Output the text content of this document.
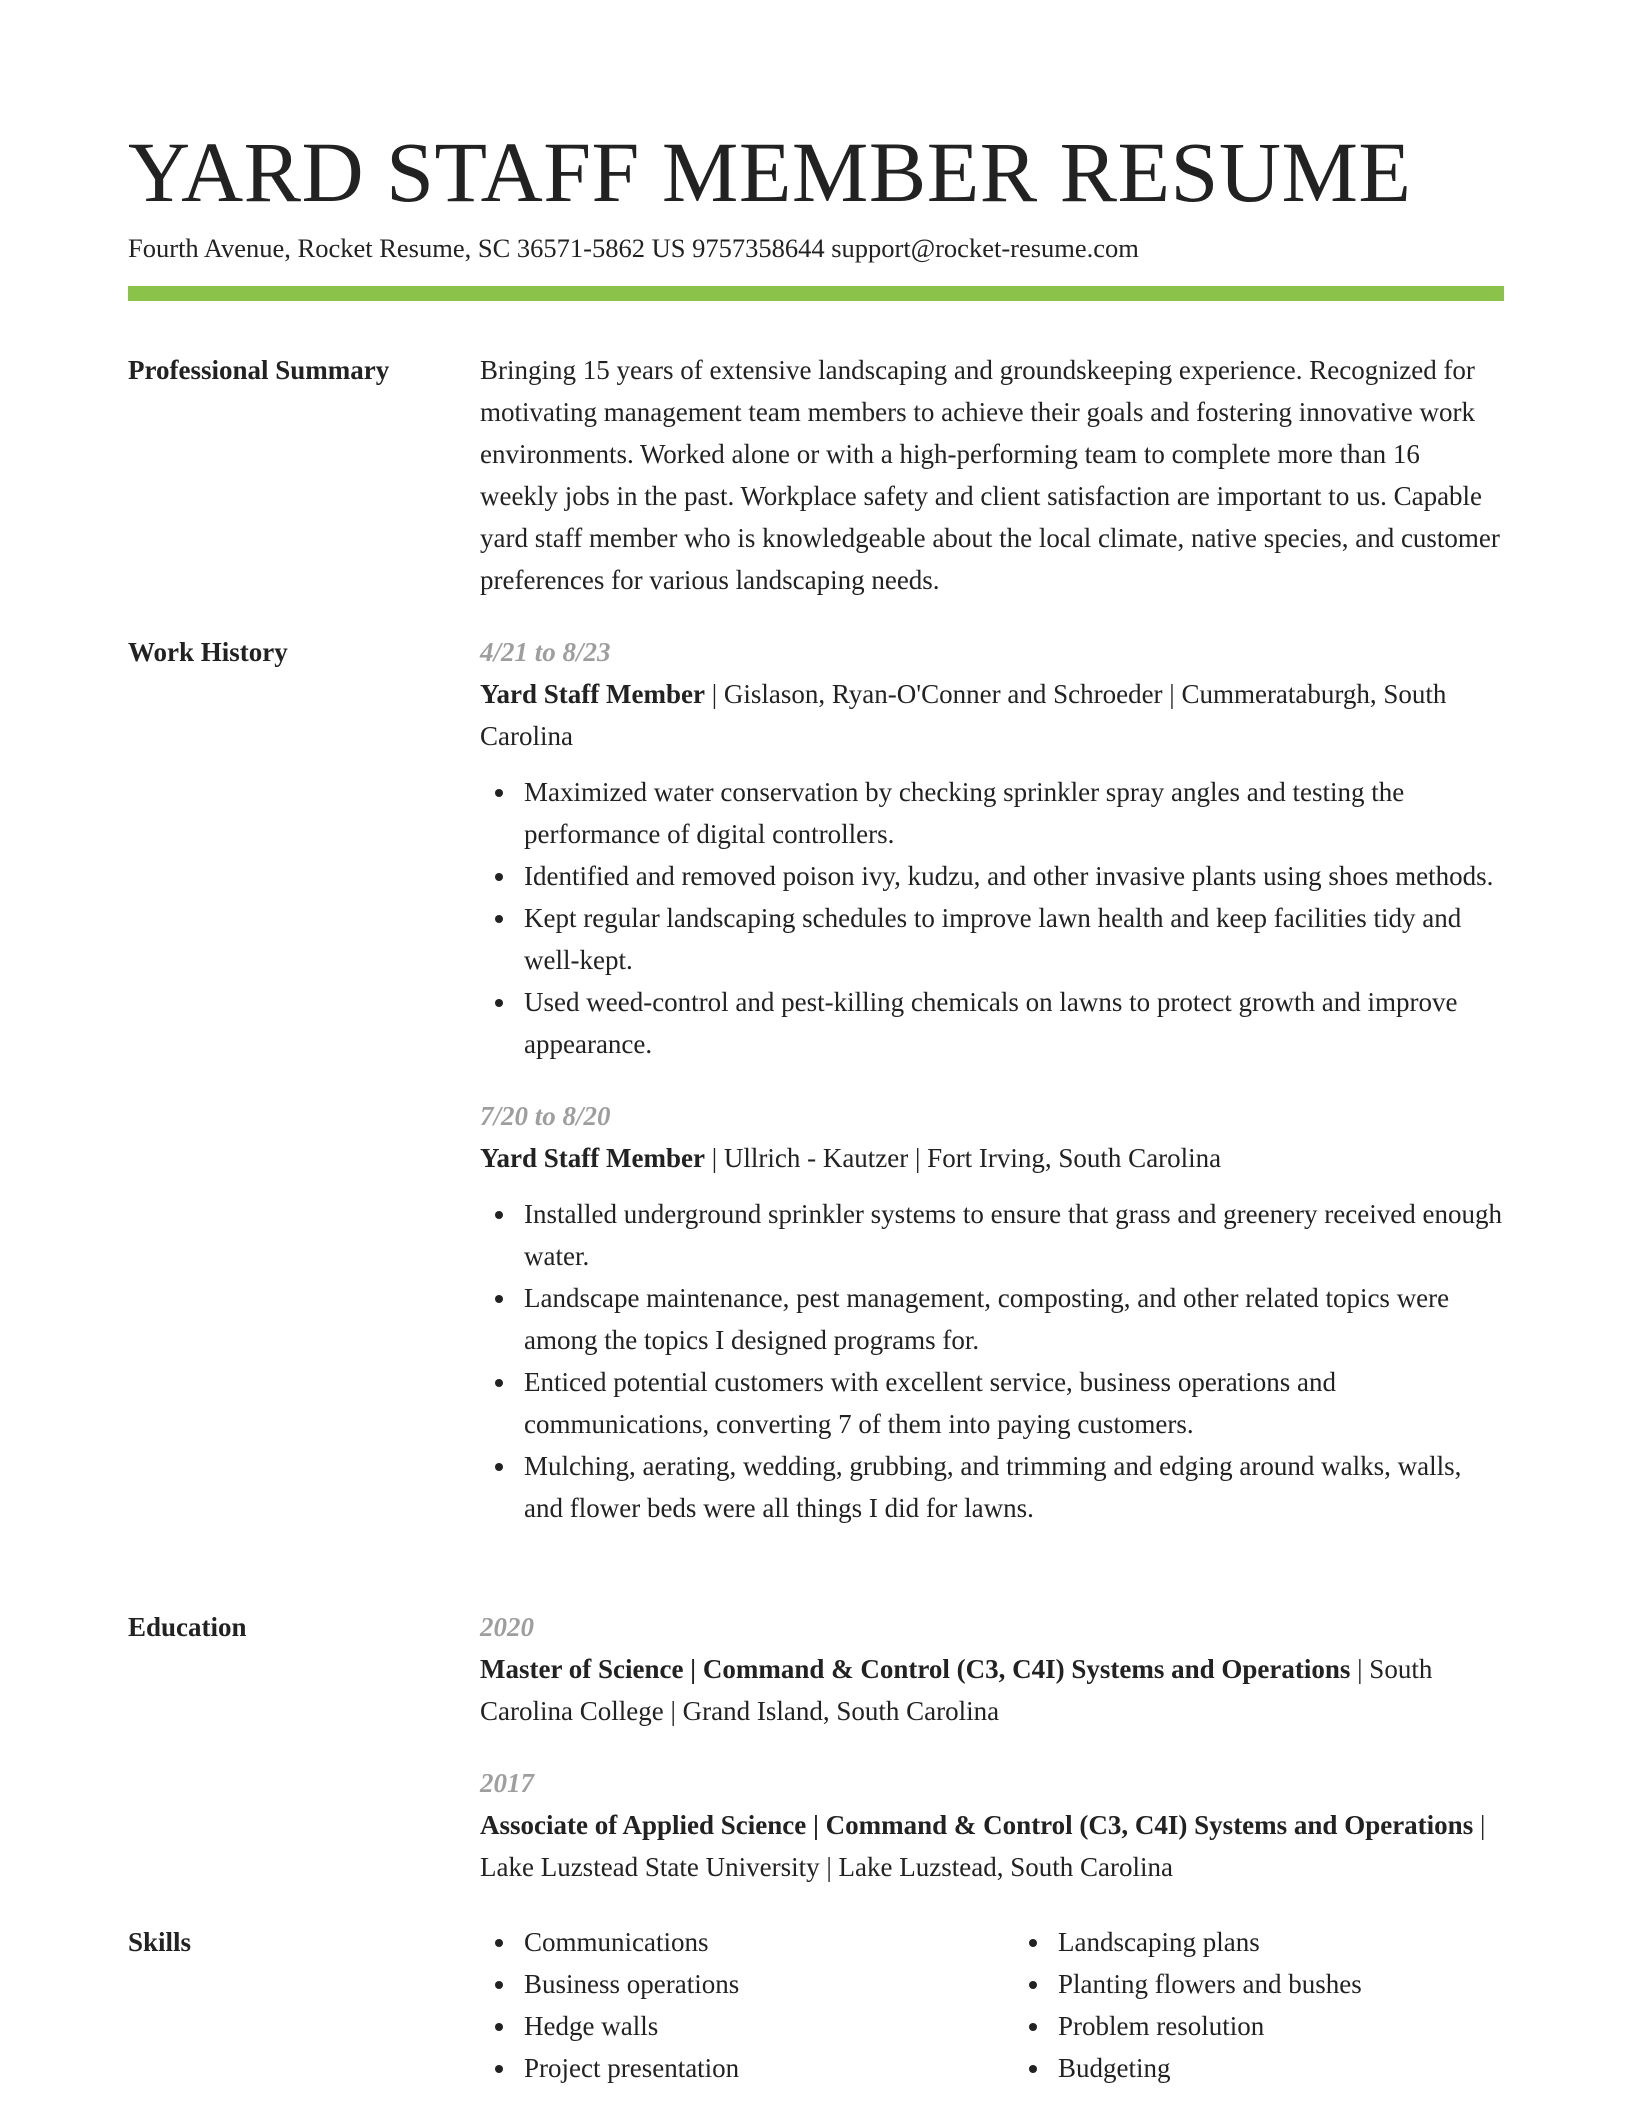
YARD STAFF MEMBER RESUME
Fourth Avenue, Rocket Resume, SC 36571-5862 US 9757358644 support@rocket-resume.com
Professional Summary	Bringing 15 years of extensive landscaping and groundskeeping experience. Recognized for motivating management team members to achieve their goals and fostering innovative work environments. Worked alone or with a high-performing team to complete more than 16 weekly jobs in the past. Workplace safety and client satisfaction are important to us. Capable yard staff member who is knowledgeable about the local climate, native species, and customer preferences for various landscaping needs.

Work History	4/21 to 8/23

Yard Staff Member | Gislason, Ryan-O'Conner and Schroeder | Cummerataburgh, South Carolina

Maximized water conservation by checking sprinkler spray angles and testing the performance of digital controllers.
Identified and removed poison ivy, kudzu, and other invasive plants using shoes methods.
Kept regular landscaping schedules to improve lawn health and keep facilities tidy and well-kept.
Used weed-control and pest-killing chemicals on lawns to protect growth and improve appearance.

7/20 to 8/20

Yard Staff Member | Ullrich - Kautzer | Fort Irving, South Carolina

Installed underground sprinkler systems to ensure that grass and greenery received enough water.
Landscape maintenance, pest management, composting, and other related topics were among the topics I designed programs for.
Enticed potential customers with excellent service, business operations and communications, converting 7 of them into paying customers.
Mulching, aerating, wedding, grubbing, and trimming and edging around walks, walls, and flower beds were all things I did for lawns.
Education	2020

Master of Science | Command & Control (C3, C4I) Systems and Operations | South Carolina College | Grand Island, South Carolina

2017

Associate of Applied Science | Command & Control (C3, C4I) Systems and Operations | Lake Luzstead State University | Lake Luzstead, South Carolina

Skills	Communications
Business operations
Hedge walls
Project presentation
Landscaping plans
Planting flowers and bushes
Problem resolution
Budgeting
